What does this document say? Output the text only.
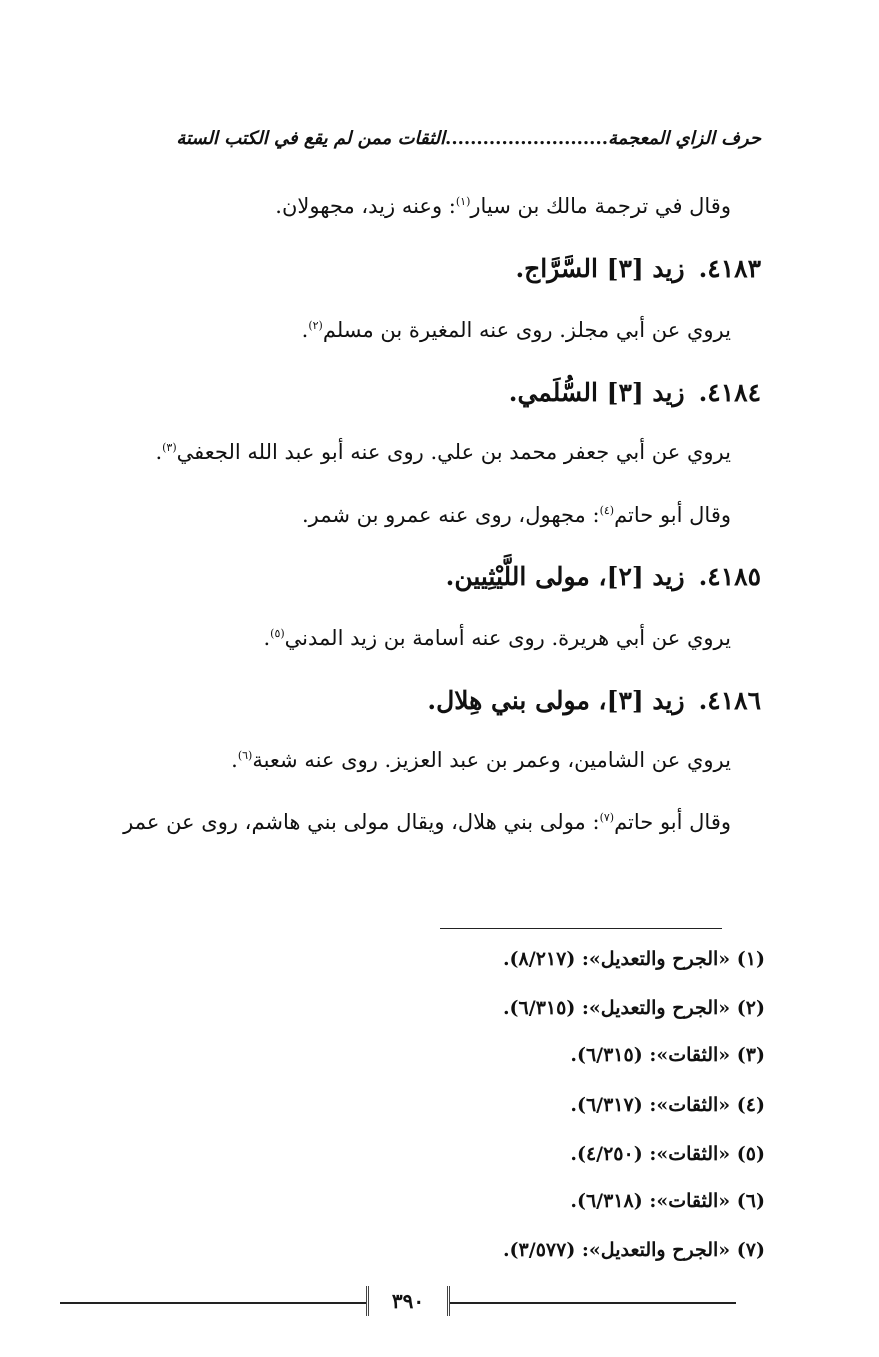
حرف الزاي المعجمة..........................الثقات ممن لم يقع في الكتب الستة
وقال في ترجمة مالك بن سيار$^{(١)}$: وعنه زيد، مجهولان.
٤١٨٣.زيد [٣] السَّرَّاج.
يروي عن أبي مجلز. روى عنه المغيرة بن مسلم$^{(٢)}$.
٤١٨٤.زيد [٣] السُّلَمي.
يروي عن أبي جعفر محمد بن علي. روى عنه أبو عبد الله الجعفي$^{(٣)}$.
وقال أبو حاتم$^{(٤)}$: مجهول، روى عنه عمرو بن شمر.
٤١٨٥.زيد [٢]، مولى اللَّيْثِيين.
يروي عن أبي هريرة. روى عنه أسامة بن زيد المدني$^{(٥)}$.
٤١٨٦.زيد [٣]، مولى بني هِلال.
يروي عن الشامين، وعمر بن عبد العزيز. روى عنه شعبة$^{(٦)}$.
وقال أبو حاتم$^{(٧)}$: مولى بني هلال، ويقال مولى بني هاشم، روى عن عمر
(١) «الجرح والتعديل»: (٨/٢١٧).
(٢) «الجرح والتعديل»: (٦/٣١٥).
(٣) «الثقات»: (٦/٣١٥).
(٤) «الثقات»: (٦/٣١٧).
(٥) «الثقات»: (٤/٢٥٠).
(٦) «الثقات»: (٦/٣١٨).
(٧) «الجرح والتعديل»: (٣/٥٧٧).
٣٩٠
